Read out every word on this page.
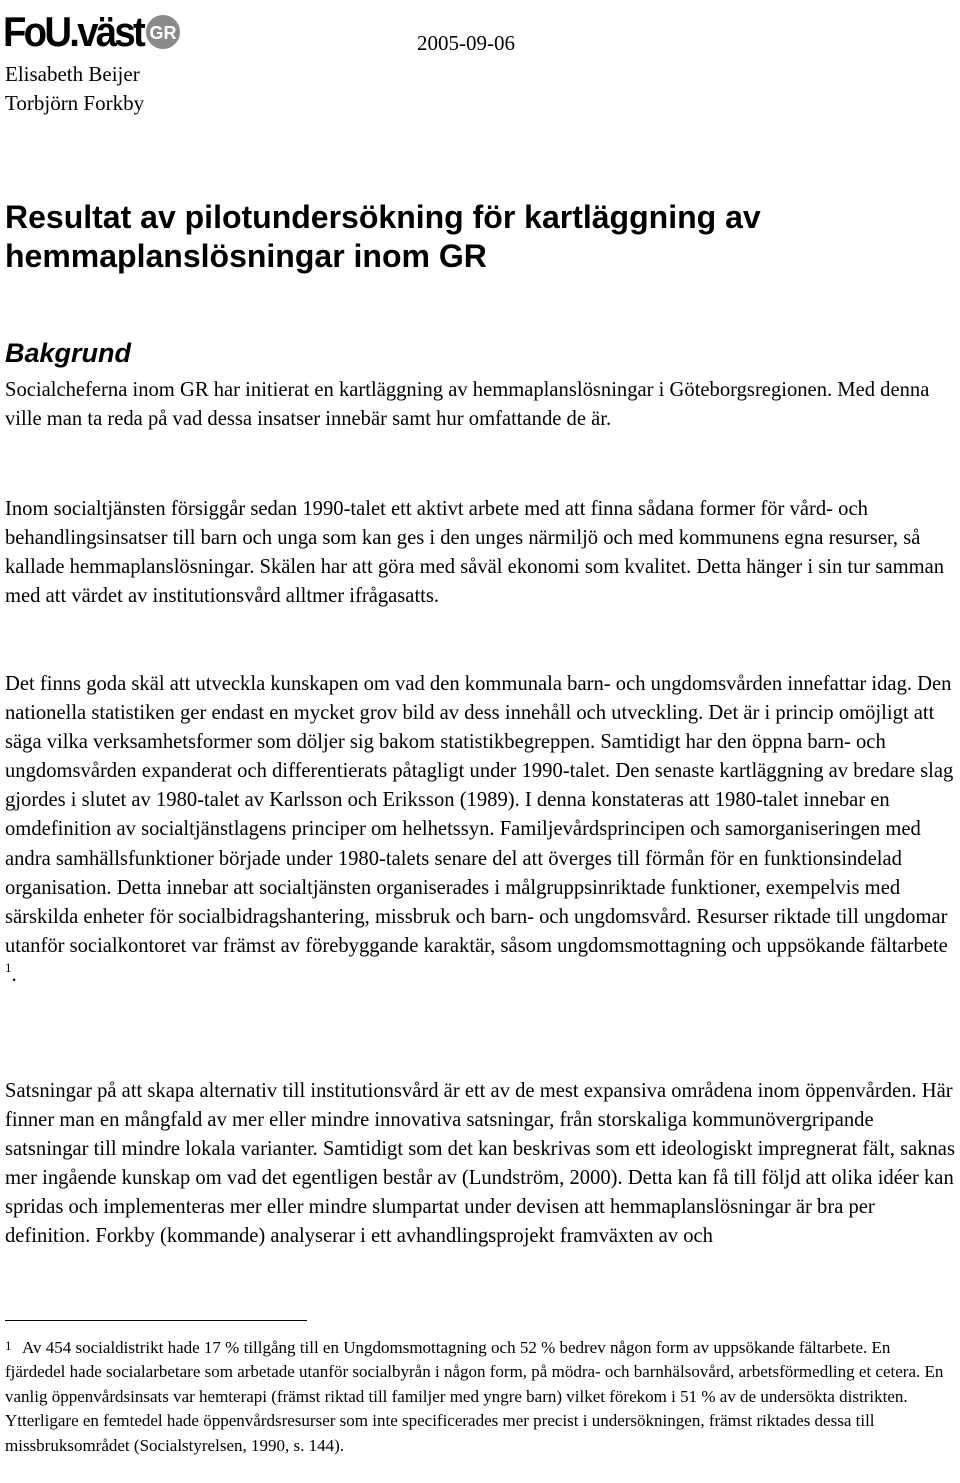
FoU.väst GR	2005-09-06
Elisabeth Beijer
Torbjörn Forkby
Resultat av pilotundersökning för kartläggning av hemmaplanslösningar inom GR
Bakgrund

Socialcheferna inom GR har initierat en kartläggning av hemmaplanslösningar i Göteborgsregionen. Med denna ville man ta reda på vad dessa insatser innebär samt hur omfattande de är.

Inom socialtjänsten försiggår sedan 1990-talet ett aktivt arbete med att finna sådana former för vård- och behandlingsinsatser till barn och unga som kan ges i den unges närmiljö och med kommunens egna resurser, så kallade hemmaplanslösningar. Skälen har att göra med såväl ekonomi som kvalitet. Detta hänger i sin tur samman med att värdet av institutionsvård alltmer ifrågasatts.

Det finns goda skäl att utveckla kunskapen om vad den kommunala barn- och ungdomsvården innefattar idag. Den nationella statistiken ger endast en mycket grov bild av dess innehåll och utveckling. Det är i princip omöjligt att säga vilka verksamhetsformer som döljer sig bakom statistikbegreppen. Samtidigt har den öppna barn- och ungdomsvården expanderat och differentierats påtagligt under 1990-talet. Den senaste kartläggning av bredare slag gjordes i slutet av 1980-talet av Karlsson och Eriksson (1989). I denna konstateras att 1980-talet innebar en omdefinition av socialtjänstlagens principer om helhetssyn. Familjevårdsprincipen och samorganiseringen med andra samhällsfunktioner började under 1980-talets senare del att överges till förmån för en funktionsindelad organisation. Detta innebar att socialtjänsten organiserades i målgruppsinriktade funktioner, exempelvis med särskilda enheter för socialbidragshantering, missbruk och barn- och ungdomsvård. Resurser riktade till ungdomar utanför socialkontoret var främst av förebyggande karaktär, såsom ungdomsmottagning och uppsökande fältarbete $^1$.

Satsningar på att skapa alternativ till institutionsvård är ett av de mest expansiva områdena inom öppenvården. Här finner man en mångfald av mer eller mindre innovativa satsningar, från storskaliga kommunövergripande satsningar till mindre lokala varianter. Samtidigt som det kan beskrivas som ett ideologiskt impregnerat fält, saknas mer ingående kunskap om vad det egentligen består av (Lundström, 2000). Detta kan få till följd att olika idéer kan spridas och implementeras mer eller mindre slumpartat under devisen att hemmaplanslösningar är bra per definition. Forkby (kommande) analyserar i ett avhandlingsprojekt framväxten av och

1 Av 454 socialdistrikt hade 17 % tillgång till en Ungdomsmottagning och 52 % bedrev någon form av uppsökande fältarbete. En fjärdedel hade socialarbetare som arbetade utanför socialbyrån i någon form, på mödra- och barnhälsovård, arbetsförmedling et cetera. En vanlig öppenvårdsinsats var hemterapi (främst riktad till familjer med yngre barn) vilket förekom i 51 % av de undersökta distrikten. Ytterligare en femtedel hade öppenvårdsresurser som inte specificerades mer precist i undersökningen, främst riktades dessa till missbruksområdet (Socialstyrelsen, 1990, s. 144).
